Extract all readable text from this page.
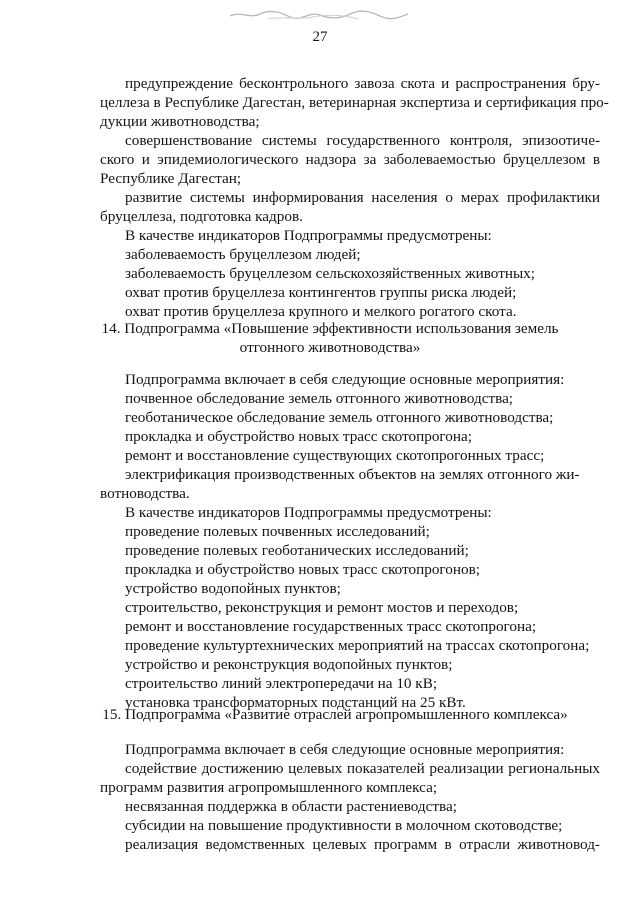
27
предупреждение бесконтрольного завоза скота и распространения бру-
целлеза в Республике Дагестан, ветеринарная экспертиза и сертификация про-
дукции животноводства;
совершенствование системы государственного контроля, эпизоотиче-
ского и эпидемиологического надзора за заболеваемостью бруцеллезом в
Республике Дагестан;
развитие системы информирования населения о мерах профилактики
бруцеллеза, подготовка кадров.
В качестве индикаторов Подпрограммы предусмотрены:
заболеваемость бруцеллезом людей;
заболеваемость бруцеллезом сельскохозяйственных животных;
охват против бруцеллеза контингентов группы риска людей;
охват против бруцеллеза крупного и мелкого рогатого скота.
14. Подпрограмма «Повышение эффективности использования земель
отгонного животноводства»
Подпрограмма включает в себя следующие основные мероприятия:
почвенное обследование земель отгонного животноводства;
геоботаническое обследование земель отгонного животноводства;
прокладка и обустройство новых трасс скотопрогона;
ремонт и восстановление существующих скотопрогонных трасс;
электрификация производственных объектов на землях отгонного жи-
вотноводства.
В качестве индикаторов Подпрограммы предусмотрены:
проведение полевых почвенных исследований;
проведение полевых геоботанических исследований;
прокладка и обустройство новых трасс скотопрогонов;
устройство водопойных пунктов;
строительство, реконструкция и ремонт мостов и переходов;
ремонт и восстановление государственных трасс скотопрогона;
проведение культуртехнических мероприятий на трассах скотопрогона;
устройство и реконструкция водопойных пунктов;
строительство линий электропередачи на 10 кВ;
установка трансформаторных подстанций на 25 кВт.
15. Подпрограмма «Развитие отраслей агропромышленного комплекса»
Подпрограмма включает в себя следующие основные мероприятия:
содействие достижению целевых показателей реализации региональных
программ развития агропромышленного комплекса;
несвязанная поддержка в области растениеводства;
субсидии на повышение продуктивности в молочном скотоводстве;
реализация ведомственных целевых программ в отрасли животновод-
